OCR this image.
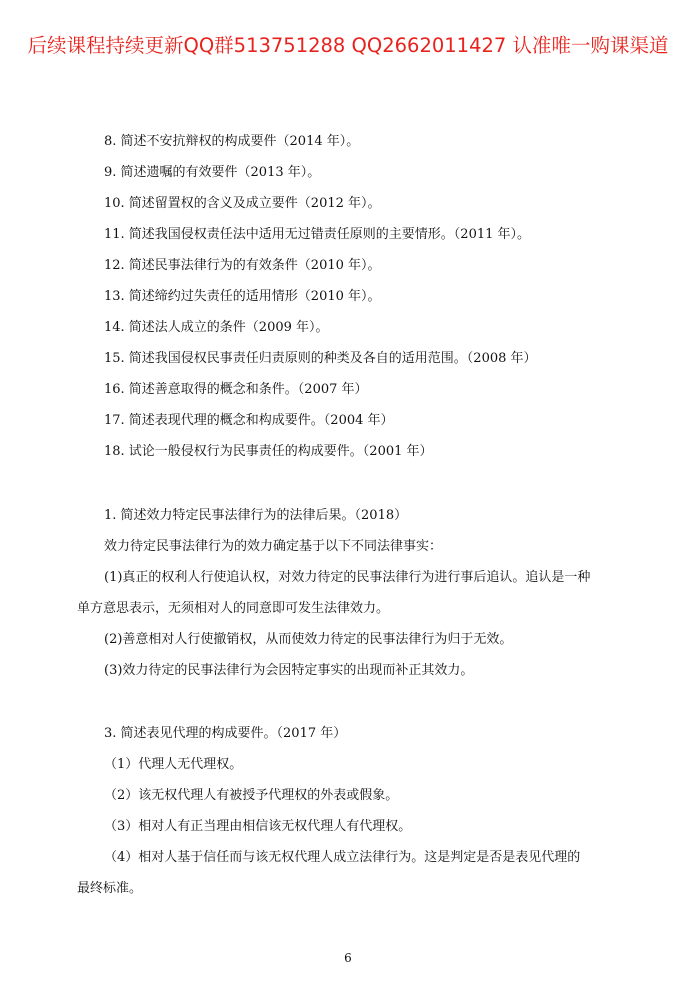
后续课程持续更新QQ群513751288 QQ2662011427 认准唯一购课渠道
8. 简述不安抗辩权的构成要件（2014 年）。
9. 简述遗嘱的有效要件（2013 年）。
10. 简述留置权的含义及成立要件（2012 年）。
11. 简述我国侵权责任法中适用无过错责任原则的主要情形。（2011 年）。
12. 简述民事法律行为的有效条件（2010 年）。
13. 简述缔约过失责任的适用情形（2010 年）。
14. 简述法人成立的条件（2009 年）。
15. 简述我国侵权民事责任归责原则的种类及各自的适用范围。（2008 年）
16. 简述善意取得的概念和条件。（2007 年）
17. 简述表现代理的概念和构成要件。（2004 年）
18. 试论一般侵权行为民事责任的构成要件。（2001 年）
1. 简述效力特定民事法律行为的法律后果。（2018）
效力待定民事法律行为的效力确定基于以下不同法律事实：
(1)真正的权利人行使追认权，对效力待定的民事法律行为进行事后追认。追认是一种
单方意思表示，无须相对人的同意即可发生法律效力。
(2)善意相对人行使撤销权，从而使效力待定的民事法律行为归于无效。
(3)效力待定的民事法律行为会因特定事实的出现而补正其效力。
3. 简述表见代理的构成要件。（2017 年）
（1）代理人无代理权。
（2）该无权代理人有被授予代理权的外表或假象。
（3）相对人有正当理由相信该无权代理人有代理权。
（4）相对人基于信任而与该无权代理人成立法律行为。这是判定是否是表见代理的
最终标准。
6
